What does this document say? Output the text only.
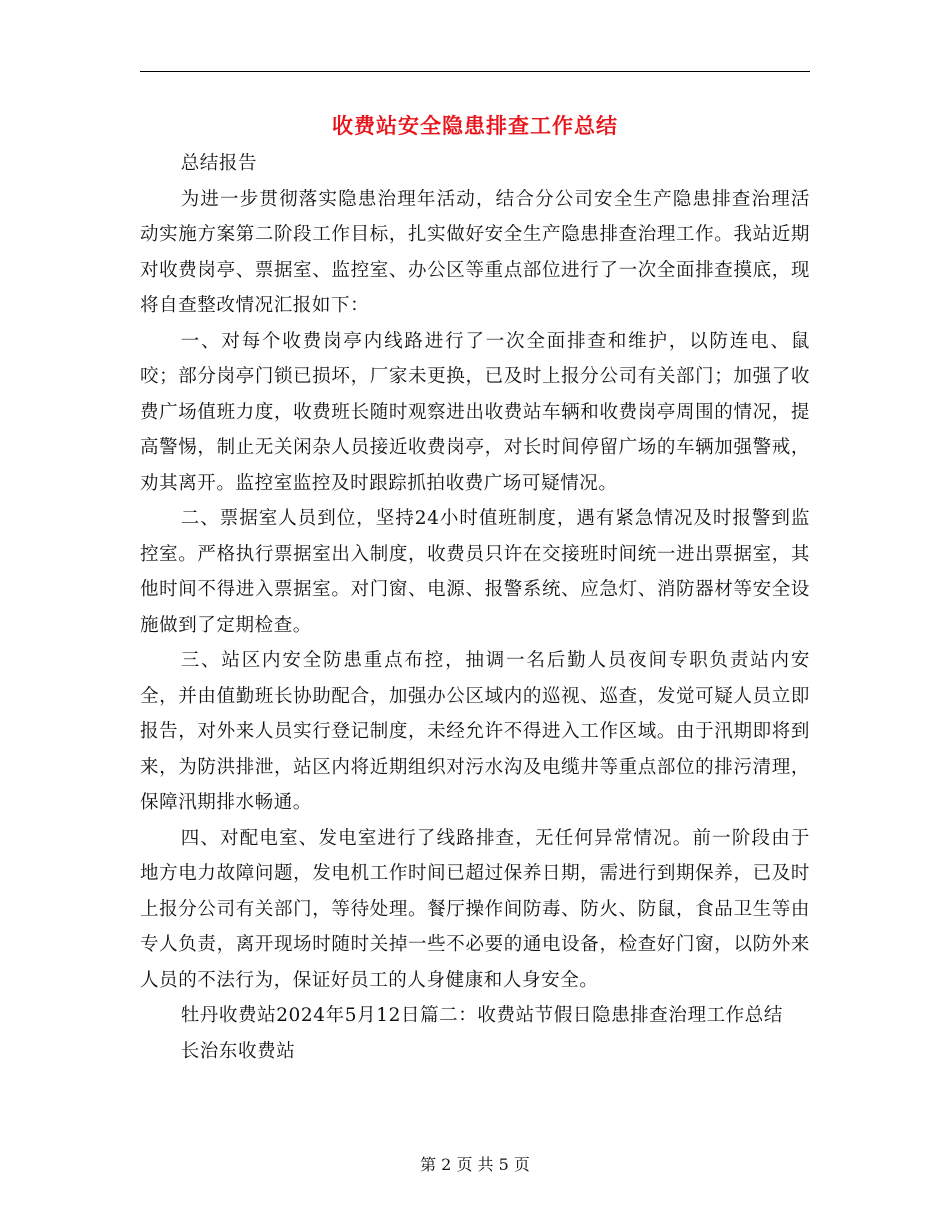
收费站安全隐患排查工作总结

总结报告

为进一步贯彻落实隐患治理年活动，结合分公司安全生产隐患排查治理活动实施方案第二阶段工作目标，扎实做好安全生产隐患排查治理工作。我站近期对收费岗亭、票据室、监控室、办公区等重点部位进行了一次全面排查摸底，现将自查整改情况汇报如下：

一、对每个收费岗亭内线路进行了一次全面排查和维护，以防连电、鼠咬；部分岗亭门锁已损坏，厂家未更换，已及时上报分公司有关部门；加强了收费广场值班力度，收费班长随时观察进出收费站车辆和收费岗亭周围的情况，提高警惕，制止无关闲杂人员接近收费岗亭，对长时间停留广场的车辆加强警戒，劝其离开。监控室监控及时跟踪抓拍收费广场可疑情况。

二、票据室人员到位，坚持24小时值班制度，遇有紧急情况及时报警到监控室。严格执行票据室出入制度，收费员只许在交接班时间统一进出票据室，其他时间不得进入票据室。对门窗、电源、报警系统、应急灯、消防器材等安全设施做到了定期检查。

三、站区内安全防患重点布控，抽调一名后勤人员夜间专职负责站内安全，并由值勤班长协助配合，加强办公区域内的巡视、巡查，发觉可疑人员立即报告，对外来人员实行登记制度，未经允许不得进入工作区域。由于汛期即将到来，为防洪排泄，站区内将近期组织对污水沟及电缆井等重点部位的排污清理，保障汛期排水畅通。

四、对配电室、发电室进行了线路排查，无任何异常情况。前一阶段由于地方电力故障问题，发电机工作时间已超过保养日期，需进行到期保养，已及时上报分公司有关部门，等待处理。餐厅操作间防毒、防火、防鼠，食品卫生等由专人负责，离开现场时随时关掉一些不必要的通电设备，检查好门窗，以防外来人员的不法行为，保证好员工的人身健康和人身安全。

牡丹收费站2024年5月12日篇二：收费站节假日隐患排查治理工作总结

长治东收费站

第 2 页 共 5 页
